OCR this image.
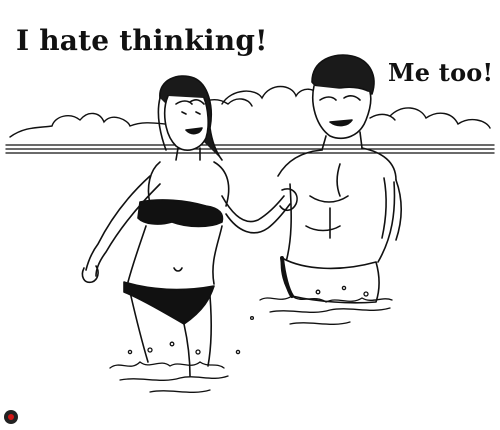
I hate thinking!
Me too!
